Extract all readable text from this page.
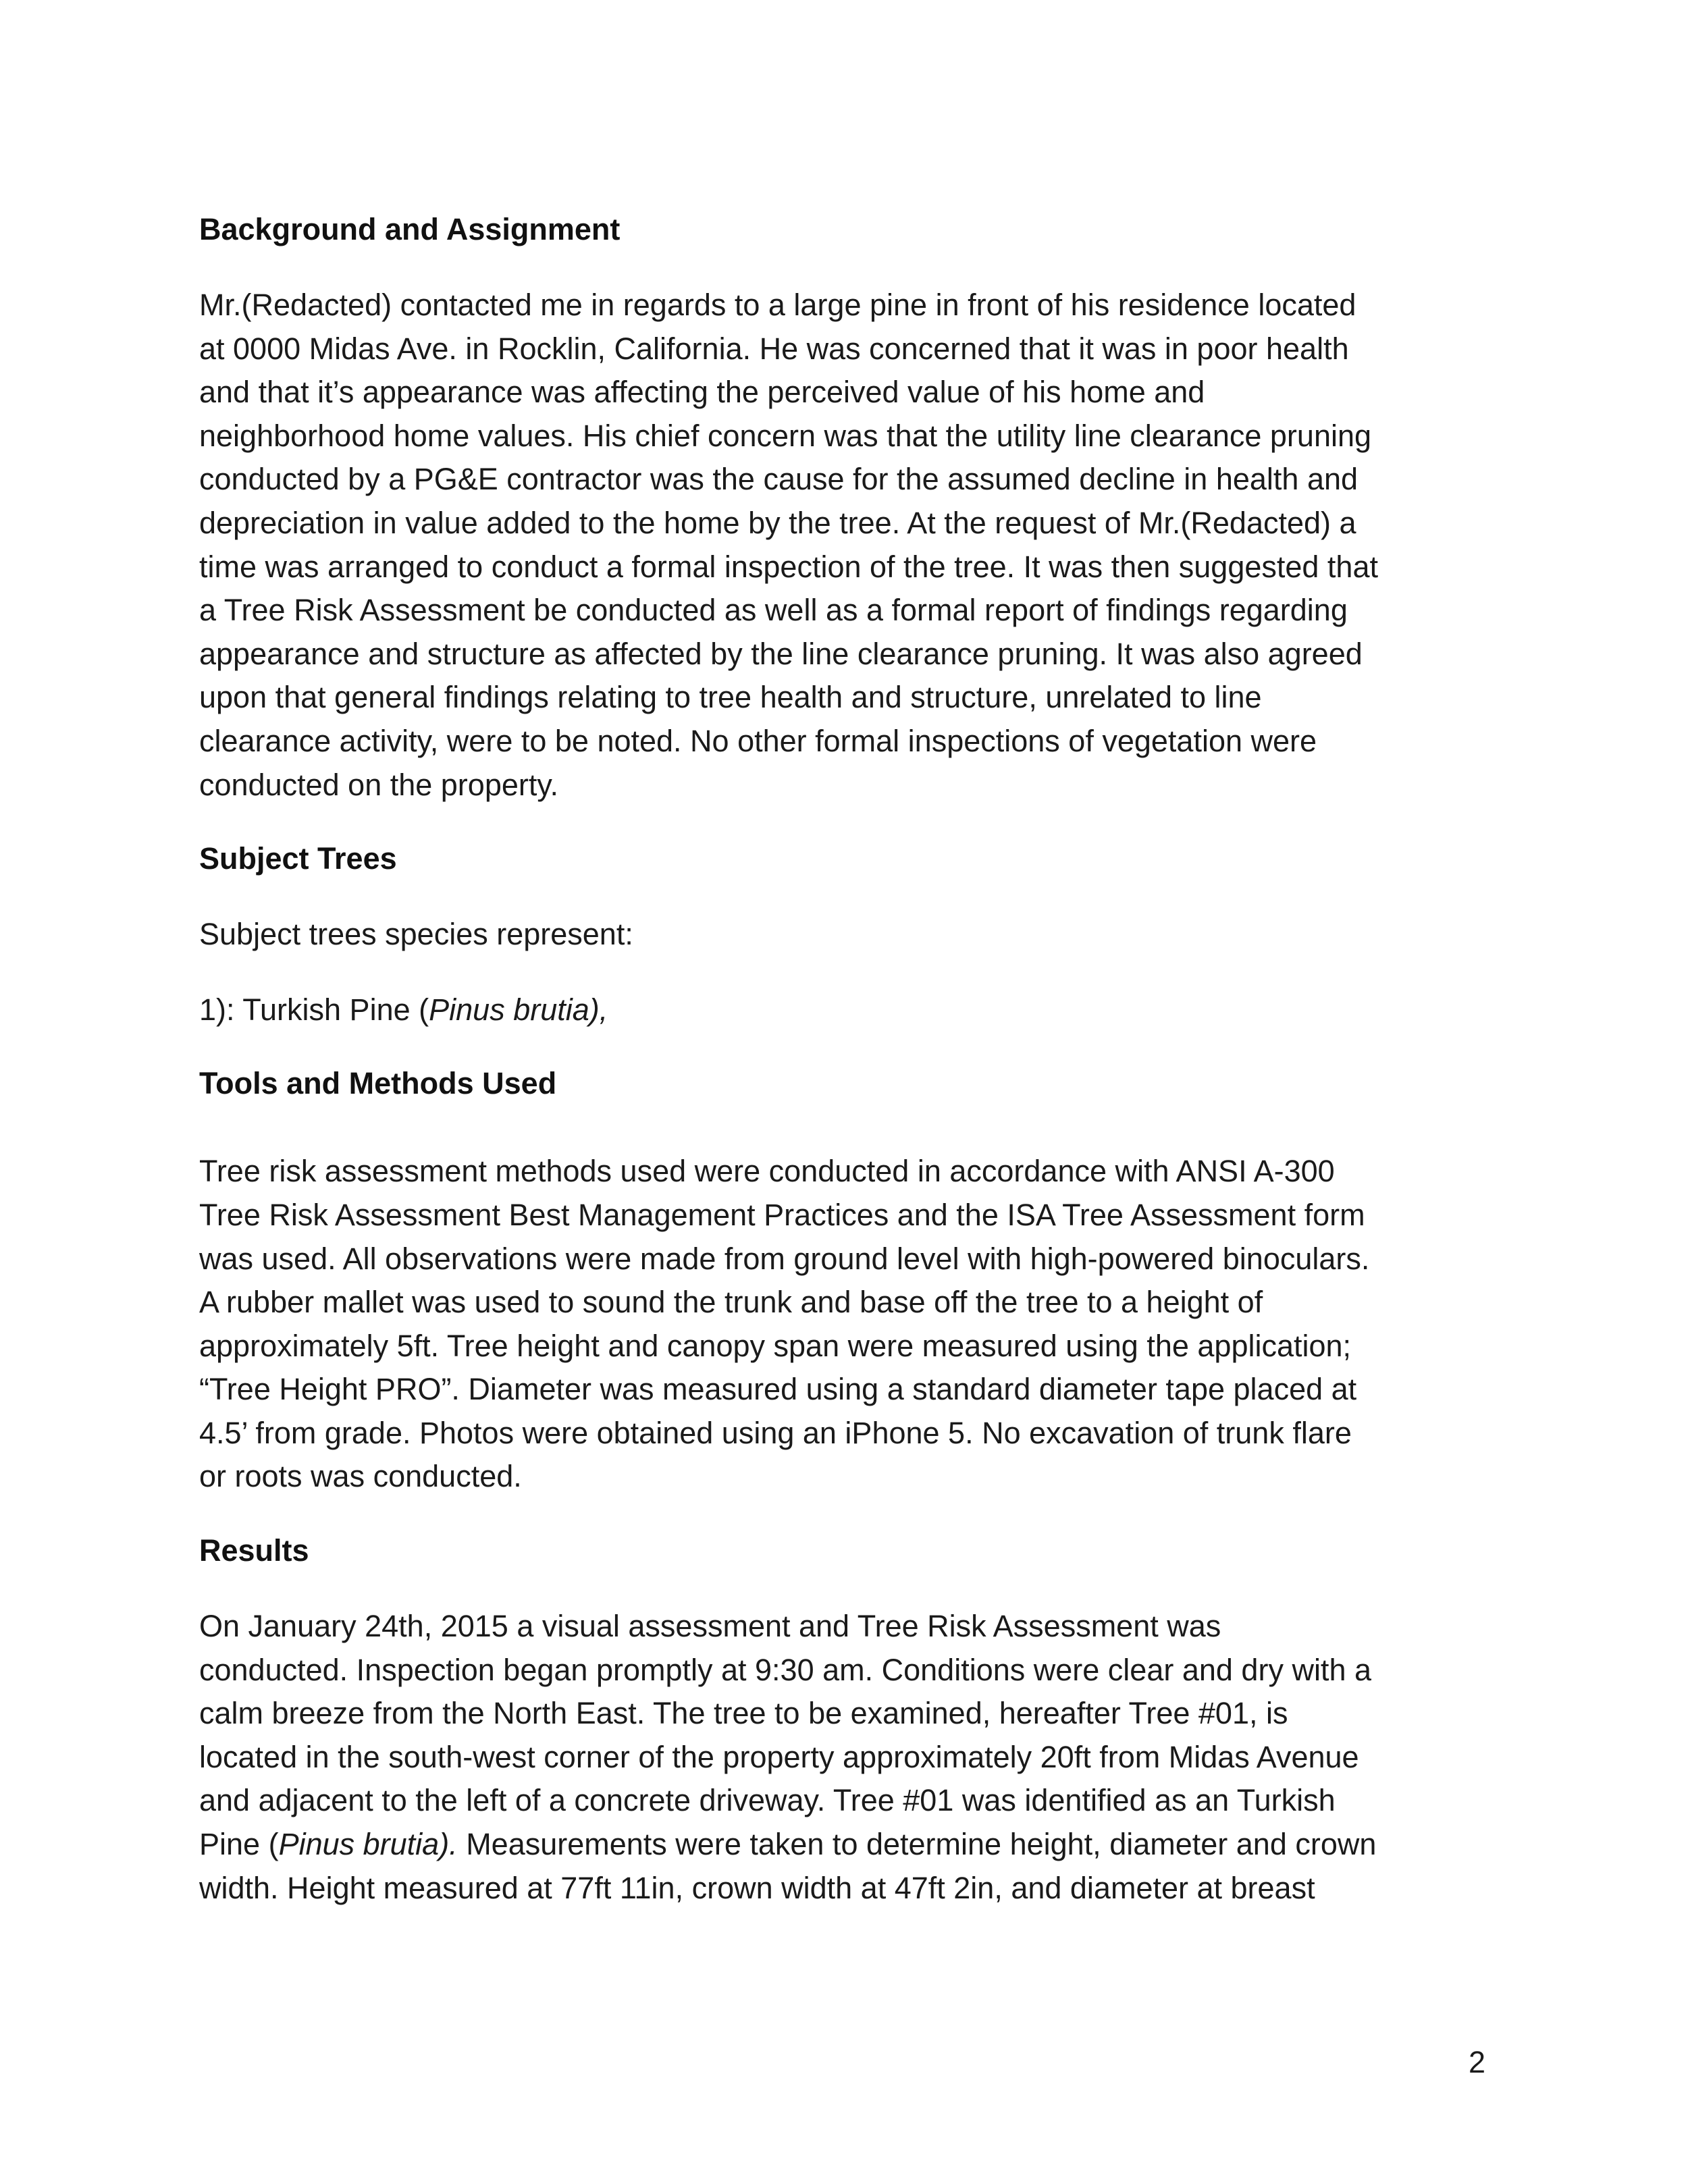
Background and Assignment

Mr.(Redacted) contacted me in regards to a large pine in front of his residence located
at 0000 Midas Ave. in Rocklin, California. He was concerned that it was in poor health
and that it’s appearance was affecting the perceived value of his home and
neighborhood home values. His chief concern was that the utility line clearance pruning
conducted by a PG&E contractor was the cause for the assumed decline in health and
depreciation in value added to the home by the tree. At the request of Mr.(Redacted) a
time was arranged to conduct a formal inspection of the tree. It was then suggested that
a Tree Risk Assessment be conducted as well as a formal report of findings regarding
appearance and structure as affected by the line clearance pruning. It was also agreed
upon that general findings relating to tree health and structure, unrelated to line
clearance activity, were to be noted. No other formal inspections of vegetation were
conducted on the property.

Subject Trees

Subject trees species represent:

1): Turkish Pine (Pinus brutia),

Tools and Methods Used

Tree risk assessment methods used were conducted in accordance with ANSI A-300
Tree Risk Assessment Best Management Practices and the ISA Tree Assessment form
was used. All observations were made from ground level with high-powered binoculars.
A rubber mallet was used to sound the trunk and base off the tree to a height of
approximately 5ft. Tree height and canopy span were measured using the application;
“Tree Height PRO”. Diameter was measured using a standard diameter tape placed at
4.5’ from grade. Photos were obtained using an iPhone 5. No excavation of trunk flare
or roots was conducted.

Results

On January 24th, 2015 a visual assessment and Tree Risk Assessment was
conducted. Inspection began promptly at 9:30 am. Conditions were clear and dry with a
calm breeze from the North East. The tree to be examined, hereafter Tree #01, is
located in the south-west corner of the property approximately 20ft from Midas Avenue
and adjacent to the left of a concrete driveway. Tree #01 was identified as an Turkish
Pine (Pinus brutia). Measurements were taken to determine height, diameter and crown
width. Height measured at 77ft 11in, crown width at 47ft 2in, and diameter at breast

2
